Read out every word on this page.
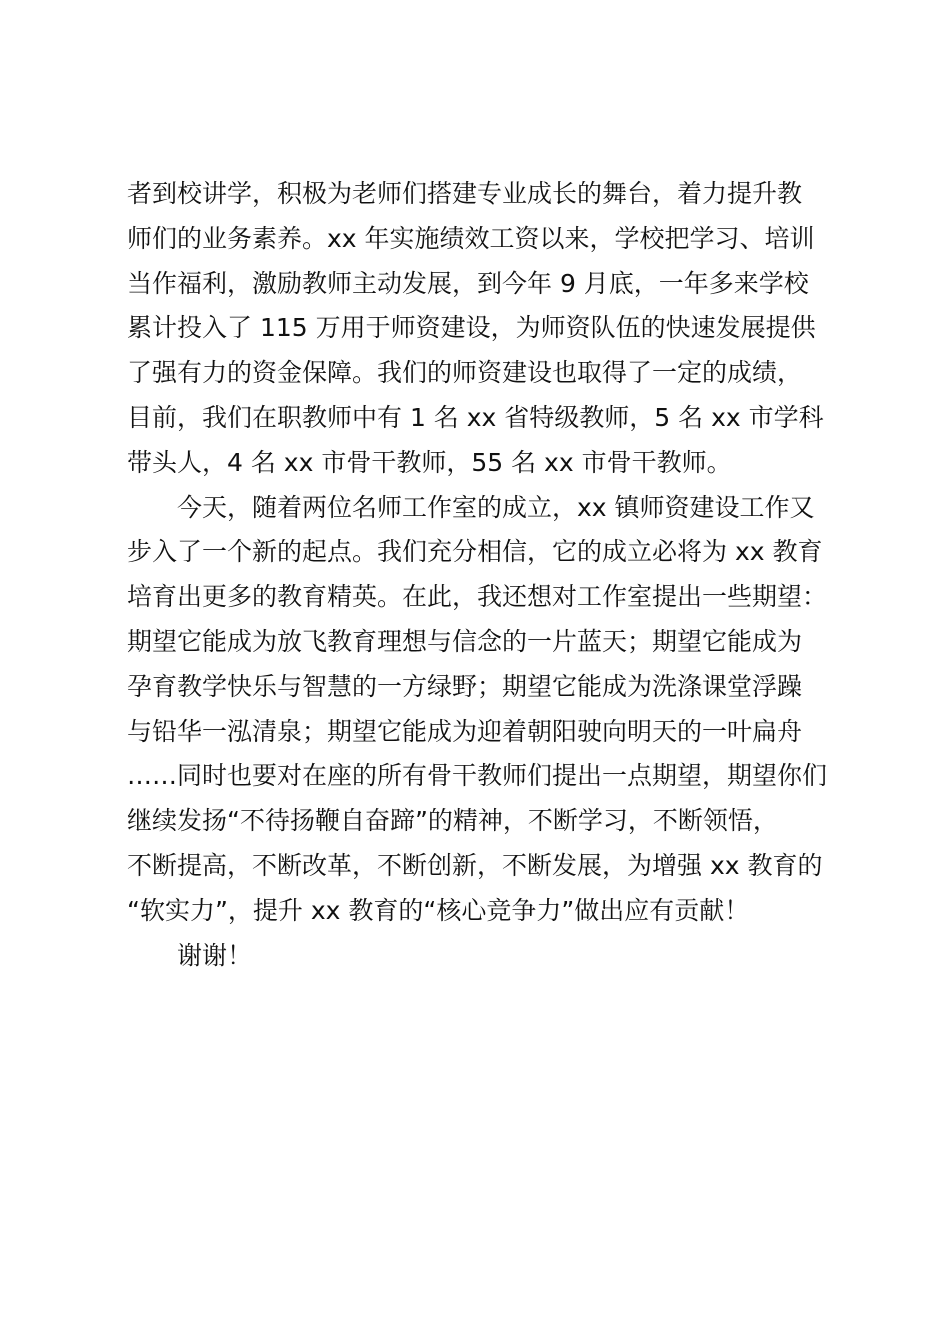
者到校讲学，积极为老师们搭建专业成长的舞台，着力提升教
师们的业务素养。xx 年实施绩效工资以来，学校把学习、培训
当作福利，激励教师主动发展，到今年 9 月底，一年多来学校
累计投入了 115 万用于师资建设，为师资队伍的快速发展提供
了强有力的资金保障。我们的师资建设也取得了一定的成绩，
目前，我们在职教师中有 1 名 xx 省特级教师，5 名 xx 市学科
带头人，4 名 xx 市骨干教师，55 名 xx 市骨干教师。
　　今天，随着两位名师工作室的成立，xx 镇师资建设工作又
步入了一个新的起点。我们充分相信，它的成立必将为 xx 教育
培育出更多的教育精英。在此，我还想对工作室提出一些期望：
期望它能成为放飞教育理想与信念的一片蓝天；期望它能成为
孕育教学快乐与智慧的一方绿野；期望它能成为洗涤课堂浮躁
与铅华一泓清泉；期望它能成为迎着朝阳驶向明天的一叶扁舟
……同时也要对在座的所有骨干教师们提出一点期望，期望你们
继续发扬“不待扬鞭自奋蹄”的精神，不断学习，不断领悟，
不断提高，不断改革，不断创新，不断发展，为增强 xx 教育的
“软实力”，提升 xx 教育的“核心竞争力”做出应有贡献！
　　谢谢！
